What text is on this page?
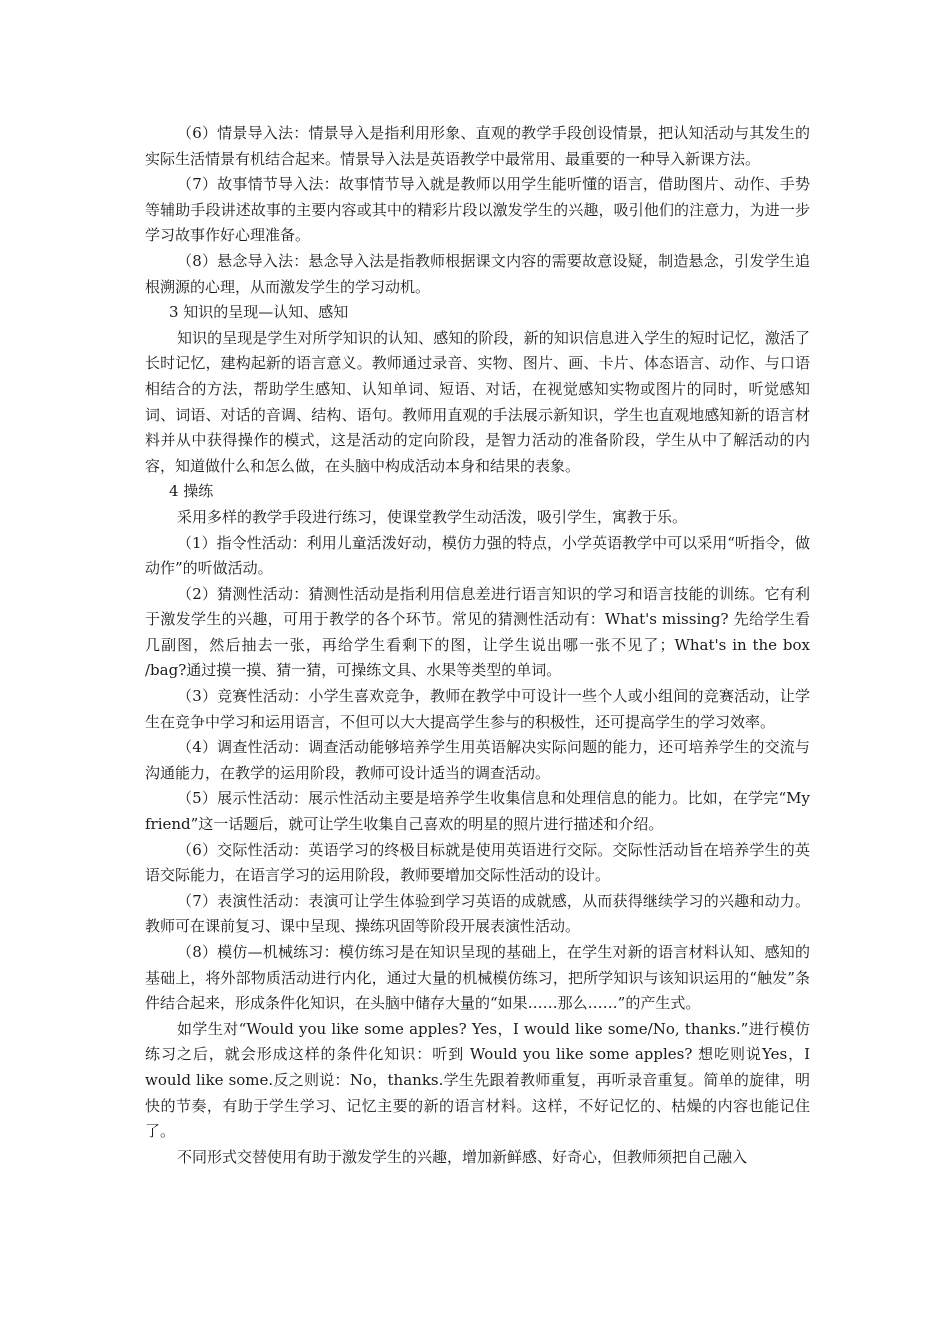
（6）情景导入法：情景导入是指利用形象、直观的教学手段创设情景，把认知活动与其发生的实际生活情景有机结合起来。情景导入法是英语教学中最常用、最重要的一种导入新课方法。

（7）故事情节导入法：故事情节导入就是教师以用学生能听懂的语言，借助图片、动作、手势等辅助手段讲述故事的主要内容或其中的精彩片段以激发学生的兴趣，吸引他们的注意力，为进一步学习故事作好心理准备。

（8）悬念导入法：悬念导入法是指教师根据课文内容的需要故意设疑，制造悬念，引发学生追根溯源的心理，从而激发学生的学习动机。

3 知识的呈现—认知、感知

知识的呈现是学生对所学知识的认知、感知的阶段，新的知识信息进入学生的短时记忆，激活了长时记忆，建构起新的语言意义。教师通过录音、实物、图片、画、卡片、体态语言、动作、与口语相结合的方法，帮助学生感知、认知单词、短语、对话，在视觉感知实物或图片的同时，听觉感知词、词语、对话的音调、结构、语句。教师用直观的手法展示新知识，学生也直观地感知新的语言材料并从中获得操作的模式，这是活动的定向阶段，是智力活动的准备阶段，学生从中了解活动的内容，知道做什么和怎么做，在头脑中构成活动本身和结果的表象。

4 操练

采用多样的教学手段进行练习，使课堂教学生动活泼，吸引学生，寓教于乐。

（1）指令性活动：利用儿童活泼好动，模仿力强的特点，小学英语教学中可以采用“听指令，做动作”的听做活动。

（2）猜测性活动：猜测性活动是指利用信息差进行语言知识的学习和语言技能的训练。它有利于激发学生的兴趣，可用于教学的各个环节。常见的猜测性活动有：What's missing? 先给学生看几副图，然后抽去一张，再给学生看剩下的图，让学生说出哪一张不见了；What's in the box /bag?通过摸一摸、猜一猜，可操练文具、水果等类型的单词。

（3）竞赛性活动：小学生喜欢竞争，教师在教学中可设计一些个人或小组间的竞赛活动，让学生在竞争中学习和运用语言，不但可以大大提高学生参与的积极性，还可提高学生的学习效率。

（4）调查性活动：调查活动能够培养学生用英语解决实际问题的能力，还可培养学生的交流与沟通能力，在教学的运用阶段，教师可设计适当的调查活动。

（5）展示性活动：展示性活动主要是培养学生收集信息和处理信息的能力。比如，在学完“My friend”这一话题后，就可让学生收集自己喜欢的明星的照片进行描述和介绍。

（6）交际性活动：英语学习的终极目标就是使用英语进行交际。交际性活动旨在培养学生的英语交际能力，在语言学习的运用阶段，教师要增加交际性活动的设计。

（7）表演性活动：表演可让学生体验到学习英语的成就感，从而获得继续学习的兴趣和动力。教师可在课前复习、课中呈现、操练巩固等阶段开展表演性活动。

（8）模仿—机械练习：模仿练习是在知识呈现的基础上，在学生对新的语言材料认知、感知的基础上，将外部物质活动进行内化，通过大量的机械模仿练习，把所学知识与该知识运用的“触发”条件结合起来，形成条件化知识，在头脑中储存大量的“如果……那么……”的产生式。

如学生对“Would you like some apples? Yes，I would like some/No, thanks.”进行模仿练习之后，就会形成这样的条件化知识：听到 Would you like some apples? 想吃则说Yes，I would like some.反之则说：No，thanks.学生先跟着教师重复，再听录音重复。简单的旋律，明快的节奏，有助于学生学习、记忆主要的新的语言材料。这样，不好记忆的、枯燥的内容也能记住了。

不同形式交替使用有助于激发学生的兴趣，增加新鲜感、好奇心，但教师须把自己融入
